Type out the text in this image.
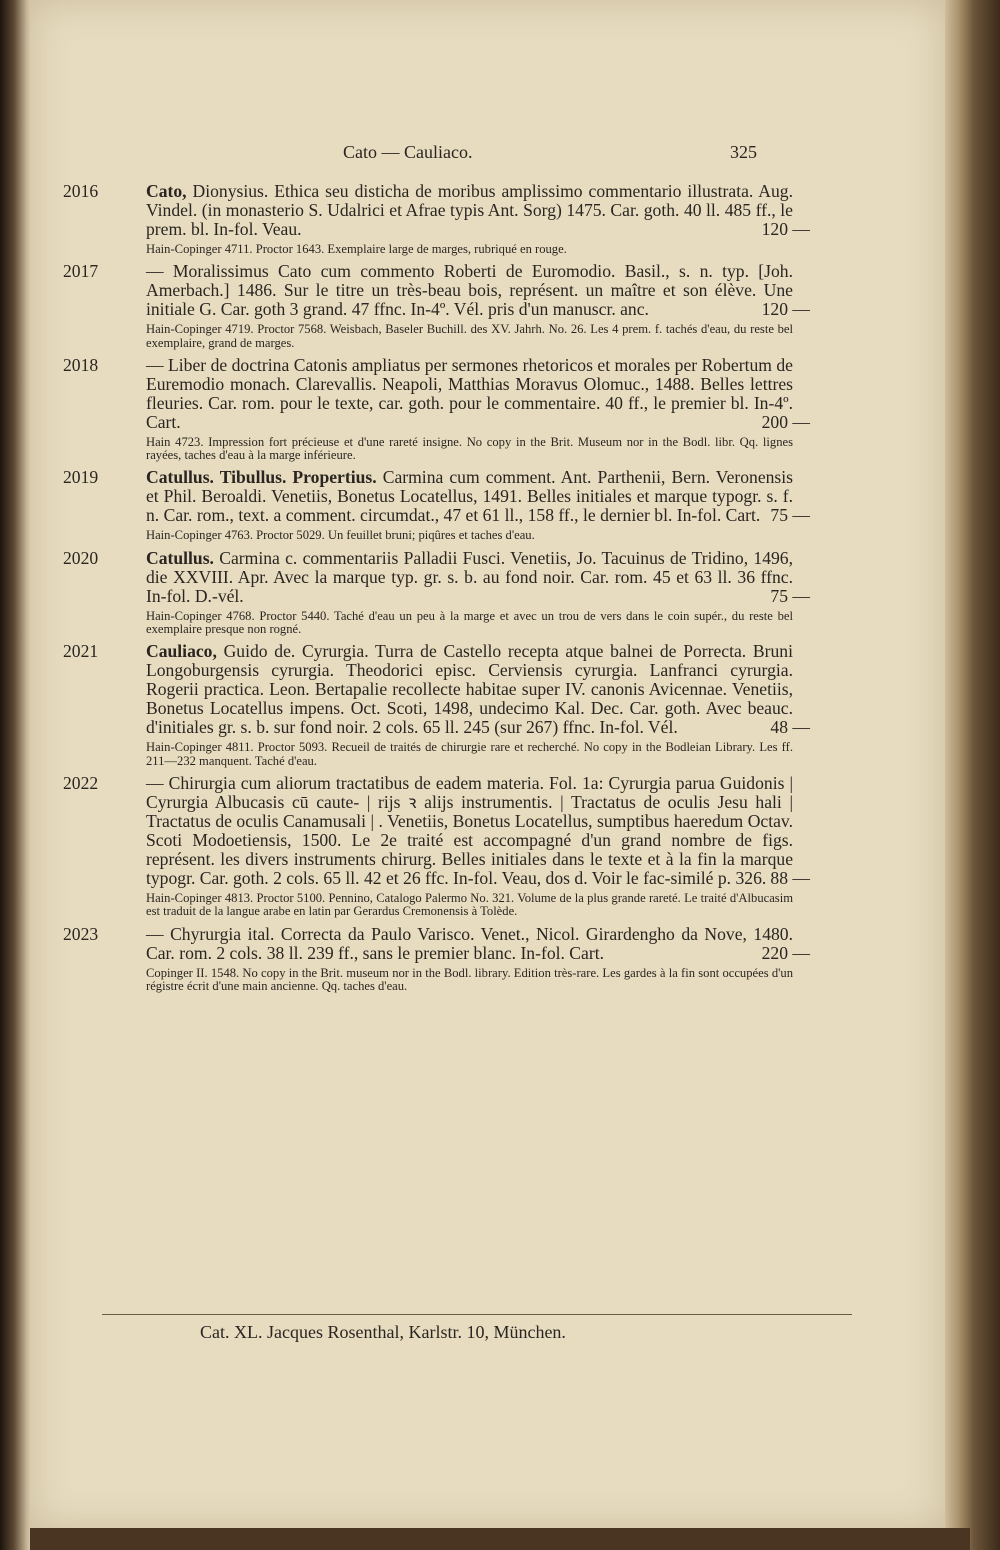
Cato — Cauliaco.	325
2016	Cato, Dionysius. Ethica seu disticha de moribus amplissimo commentario illustrata. Aug. Vindel. (in monasterio S. Udalrici et Afrae typis Ant. Sorg) 1475. Car. goth. 40 ll. 485 ff., le prem. bl. In-fol. Veau.	120 —
Hain-Copinger 4711. Proctor 1643. Exemplaire large de marges, rubriqué en rouge.
2017	— Moralissimus Cato cum commento Roberti de Euromodio. Basil., s. n. typ. [Joh. Amerbach.] 1486. Sur le titre un très-beau bois, représent. un maître et son élève. Une initiale G. Car. goth 3 grand. 47 ffnc. In-4º. Vél. pris d'un manuscr. anc.	120 —
Hain-Copinger 4719. Proctor 7568. Weisbach, Baseler Buchill. des XV. Jahrh. No. 26. Les 4 prem. f. tachés d'eau, du reste bel exemplaire, grand de marges.
2018	— Liber de doctrina Catonis ampliatus per sermones rhetoricos et morales per Robertum de Euremodio monach. Clarevallis. Neapoli, Matthias Moravus Olomuc., 1488. Belles lettres fleuries. Car. rom. pour le texte, car. goth. pour le commentaire. 40 ff., le premier bl. In-4º. Cart.	200 —
Hain 4723. Impression fort précieuse et d'une rareté insigne. No copy in the Brit. Museum nor in the Bodl. libr. Qq. lignes rayées, taches d'eau à la marge inférieure.
2019	Catullus. Tibullus. Propertius. Carmina cum comment. Ant. Parthenii, Bern. Veronensis et Phil. Beroaldi. Venetiis, Bonetus Locatellus, 1491. Belles initiales et marque typogr. s. f. n. Car. rom., text. a comment. circumdat., 47 et 61 ll., 158 ff., le dernier bl. In-fol. Cart. 75 —
Hain-Copinger 4763. Proctor 5029. Un feuillet bruni; piqûres et taches d'eau.
2020	Catullus. Carmina c. commentariis Palladii Fusci. Venetiis, Jo. Tacuinus de Tridino, 1496, die XXVIII. Apr. Avec la marque typ. gr. s. b. au fond noir. Car. rom. 45 et 63 ll. 36 ffnc. In-fol. D.-vél.	75 —
Hain-Copinger 4768. Proctor 5440. Taché d'eau un peu à la marge et avec un trou de vers dans le coin supér., du reste bel exemplaire presque non rogné.
2021	Cauliaco, Guido de. Cyrurgia. Turra de Castello recepta atque balnei de Porrecta. Bruni Longoburgensis cyrurgia. Theodorici episc. Cerviensis cyrurgia. Lanfranci cyrurgia. Rogerii practica. Leon. Bertapalie recollecte habitae super IV. canonis Avicennae. Venetiis, Bonetus Locatellus impens. Oct. Scoti, 1498, undecimo Kal. Dec. Car. goth. Avec beauc. d'initiales gr. s. b. sur fond noir. 2 cols. 65 ll. 245 (sur 267) ffnc. In-fol. Vél.	48 —
Hain-Copinger 4811. Proctor 5093. Recueil de traités de chirurgie rare et recherché. No copy in the Bodleian Library. Les ff. 211—232 manquent. Taché d'eau.
2022	— Chirurgia cum aliorum tractatibus de eadem materia. Fol. 1a: Cyrurgia parua Guidonis | Cyrurgia Albucasis cū caute- | rijs ꝛ alijs instrumentis. | Tractatus de oculis Jesu hali | Tractatus de oculis Canamusali | . Venetiis, Bonetus Locatellus, sumptibus haeredum Octav. Scoti Modoetiensis, 1500. Le 2e traité est accompagné d'un grand nombre de figs. représent. les divers instruments chirurg. Belles initiales dans le texte et à la fin la marque typogr. Car. goth. 2 cols. 65 ll. 42 et 26 ffc. In-fol. Veau, dos d. Voir le fac-similé p. 326. 88 —
Hain-Copinger 4813. Proctor 5100. Pennino, Catalogo Palermo No. 321. Volume de la plus grande rareté. Le traité d'Albucasim est traduit de la langue arabe en latin par Gerardus Cremonensis à Tolède.
2023	— Chyrurgia ital. Correcta da Paulo Varisco. Venet., Nicol. Girardengho da Nove, 1480. Car. rom. 2 cols. 38 ll. 239 ff., sans le premier blanc. In-fol. Cart.	220 —
Copinger II. 1548. No copy in the Brit. museum nor in the Bodl. library. Edition très-rare. Les gardes à la fin sont occupées d'un régistre écrit d'une main ancienne. Qq. taches d'eau.
Cat. XL. Jacques Rosenthal, Karlstr. 10, München.
